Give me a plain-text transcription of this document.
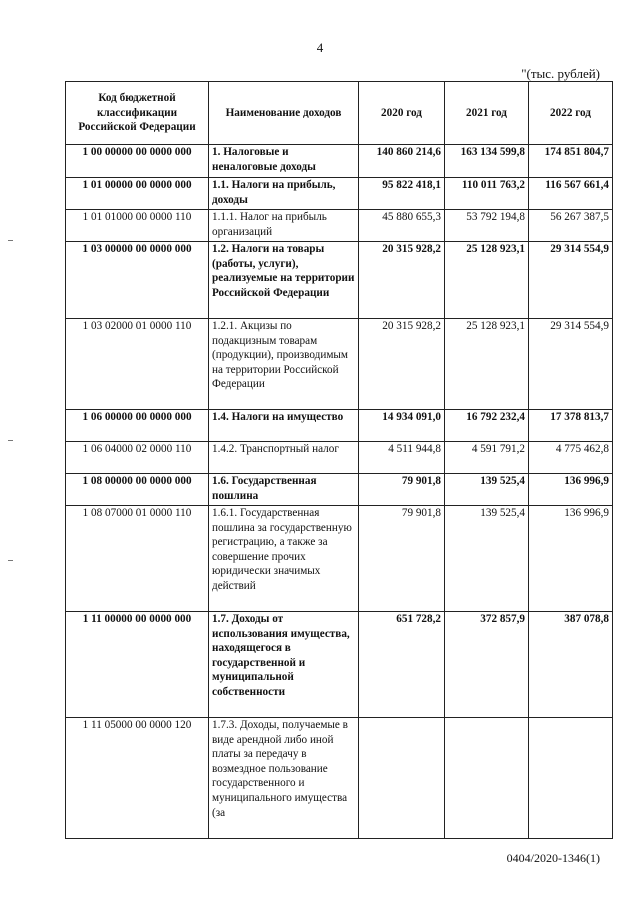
4
"(тыс. рублей)
Код бюджетной классификации Российской Федерации	Наименование доходов	2020 год	2021 год	2022 год
1 00 00000 00 0000 000	1. Налоговые и неналоговые доходы	140 860 214,6	163 134 599,8	174 851 804,7
1 01 00000 00 0000 000	1.1. Налоги на прибыль, доходы	95 822 418,1	110 011 763,2	116 567 661,4
1 01 01000 00 0000 110	1.1.1. Налог на прибыль организаций	45 880 655,3	53 792 194,8	56 267 387,5
1 03 00000 00 0000 000	1.2. Налоги на товары (работы, услуги), реализуемые на территории Российской Федерации	20 315 928,2	25 128 923,1	29 314 554,9
1 03 02000 01 0000 110	1.2.1. Акцизы по подакцизным товарам (продукции), производимым на территории Российской Федерации	20 315 928,2	25 128 923,1	29 314 554,9
1 06 00000 00 0000 000	1.4. Налоги на имущество	14 934 091,0	16 792 232,4	17 378 813,7
1 06 04000 02 0000 110	1.4.2. Транспортный налог	4 511 944,8	4 591 791,2	4 775 462,8
1 08 00000 00 0000 000	1.6. Государственная пошлина	79 901,8	139 525,4	136 996,9
1 08 07000 01 0000 110	1.6.1. Государственная пошлина за государственную регистрацию, а также за совершение прочих юридически значимых действий	79 901,8	139 525,4	136 996,9
1 11 00000 00 0000 000	1.7. Доходы от использования имущества, находящегося в государственной и муниципальной собственности	651 728,2	372 857,9	387 078,8
1 11 05000 00 0000 120	1.7.3. Доходы, получаемые в виде арендной либо иной платы за передачу в возмездное пользование государственного и муниципального имущества (за			
0404/2020-1346(1)
